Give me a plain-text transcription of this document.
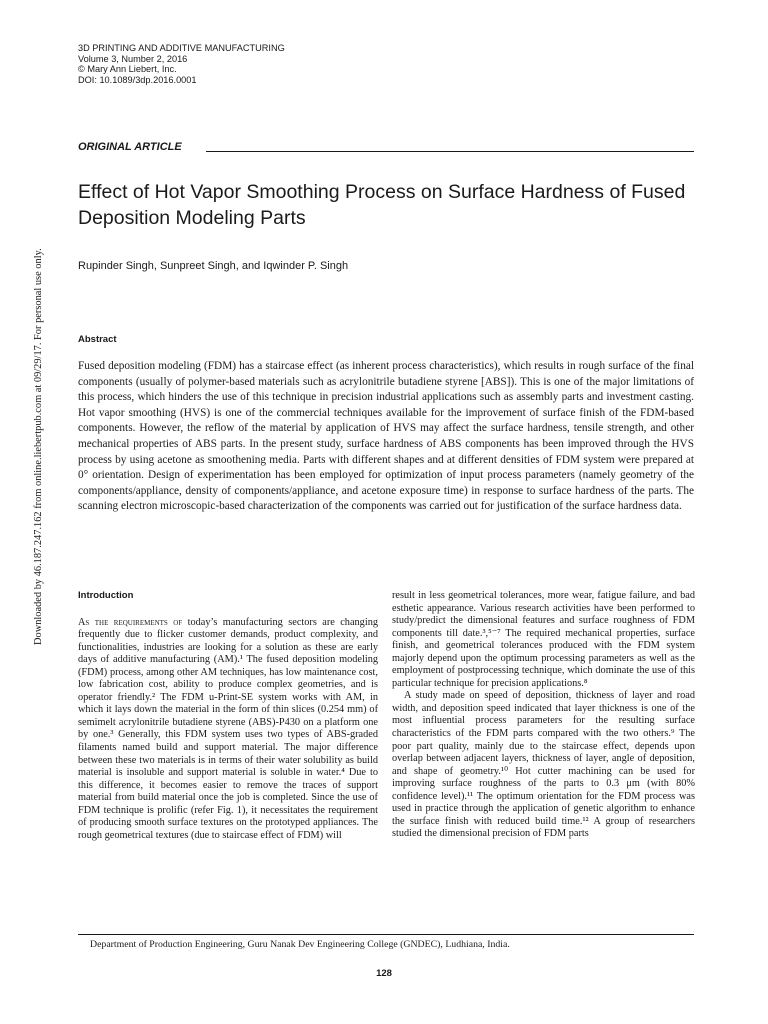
3D PRINTING AND ADDITIVE MANUFACTURING
Volume 3, Number 2, 2016
© Mary Ann Liebert, Inc.
DOI: 10.1089/3dp.2016.0001
ORIGINAL ARTICLE
Effect of Hot Vapor Smoothing Process on Surface Hardness of Fused Deposition Modeling Parts
Rupinder Singh, Sunpreet Singh, and Iqwinder P. Singh
Downloaded by 46.187.247.162 from online.liebertpub.com at 09/29/17. For personal use only.	Abstract

Fused deposition modeling (FDM) has a staircase effect (as inherent process characteristics), which results in rough surface of the final components (usually of polymer-based materials such as acrylonitrile butadiene styrene [ABS]). This is one of the major limitations of this process, which hinders the use of this technique in precision industrial applications such as assembly parts and investment casting. Hot vapor smoothing (HVS) is one of the commercial techniques available for the improvement of surface finish of the FDM-based components. However, the reflow of the material by application of HVS may affect the surface hardness, tensile strength, and other mechanical properties of ABS parts. In the present study, surface hardness of ABS components has been improved through the HVS process by using acetone as smoothening media. Parts with different shapes and at different densities of FDM system were prepared at 0° orientation. Design of experimentation has been employed for optimization of input process parameters (namely geometry of the components/appliance, density of components/appliance, and acetone exposure time) in response to surface hardness of the parts. The scanning electron microscopic-based characterization of the components was carried out for justification of the surface hardness data.

Introduction

As the requirements of today’s manufacturing sectors are changing frequently due to flicker customer demands, product complexity, and functionalities, industries are looking for a solution as these are early days of additive manufacturing (AM).¹ The fused deposition modeling (FDM) process, among other AM techniques, has low maintenance cost, low fabrication cost, ability to produce complex geometries, and is operator friendly.² The FDM u-Print-SE system works with AM, in which it lays down the material in the form of thin slices (0.254 mm) of semimelt acrylonitrile butadiene styrene (ABS)-P430 on a platform one by one.³ Generally, this FDM system uses two types of ABS-graded filaments named build and support material. The major difference between these two materials is in terms of their water solubility as build material is insoluble and support material is soluble in water.⁴ Due to this difference, it becomes easier to remove the traces of support material from build material once the job is completed. Since the use of FDM technique is prolific (refer Fig. 1), it necessitates the requirement of producing smooth surface textures on the prototyped appliances. The rough geometrical textures (due to staircase effect of FDM) will

result in less geometrical tolerances, more wear, fatigue failure, and bad esthetic appearance. Various research activities have been performed to study/predict the dimensional features and surface roughness of FDM components till date.³,⁵⁻⁷ The required mechanical properties, surface finish, and geometrical tolerances produced with the FDM system majorly depend upon the optimum processing parameters as well as the employment of postprocessing technique, which dominate the use of this particular technique for precision applications.⁸

A study made on speed of deposition, thickness of layer and road width, and deposition speed indicated that layer thickness is one of the most influential process parameters for the resulting surface characteristics of the FDM parts compared with the two others.⁹ The poor part quality, mainly due to the staircase effect, depends upon overlap between adjacent layers, thickness of layer, angle of deposition, and shape of geometry.¹⁰ Hot cutter machining can be used for improving surface roughness of the parts to 0.3 μm (with 80% confidence level).¹¹ The optimum orientation for the FDM process was used in practice through the application of genetic algorithm to enhance the surface finish with reduced build time.¹² A group of researchers studied the dimensional precision of FDM parts

Department of Production Engineering, Guru Nanak Dev Engineering College (GNDEC), Ludhiana, India.
128
